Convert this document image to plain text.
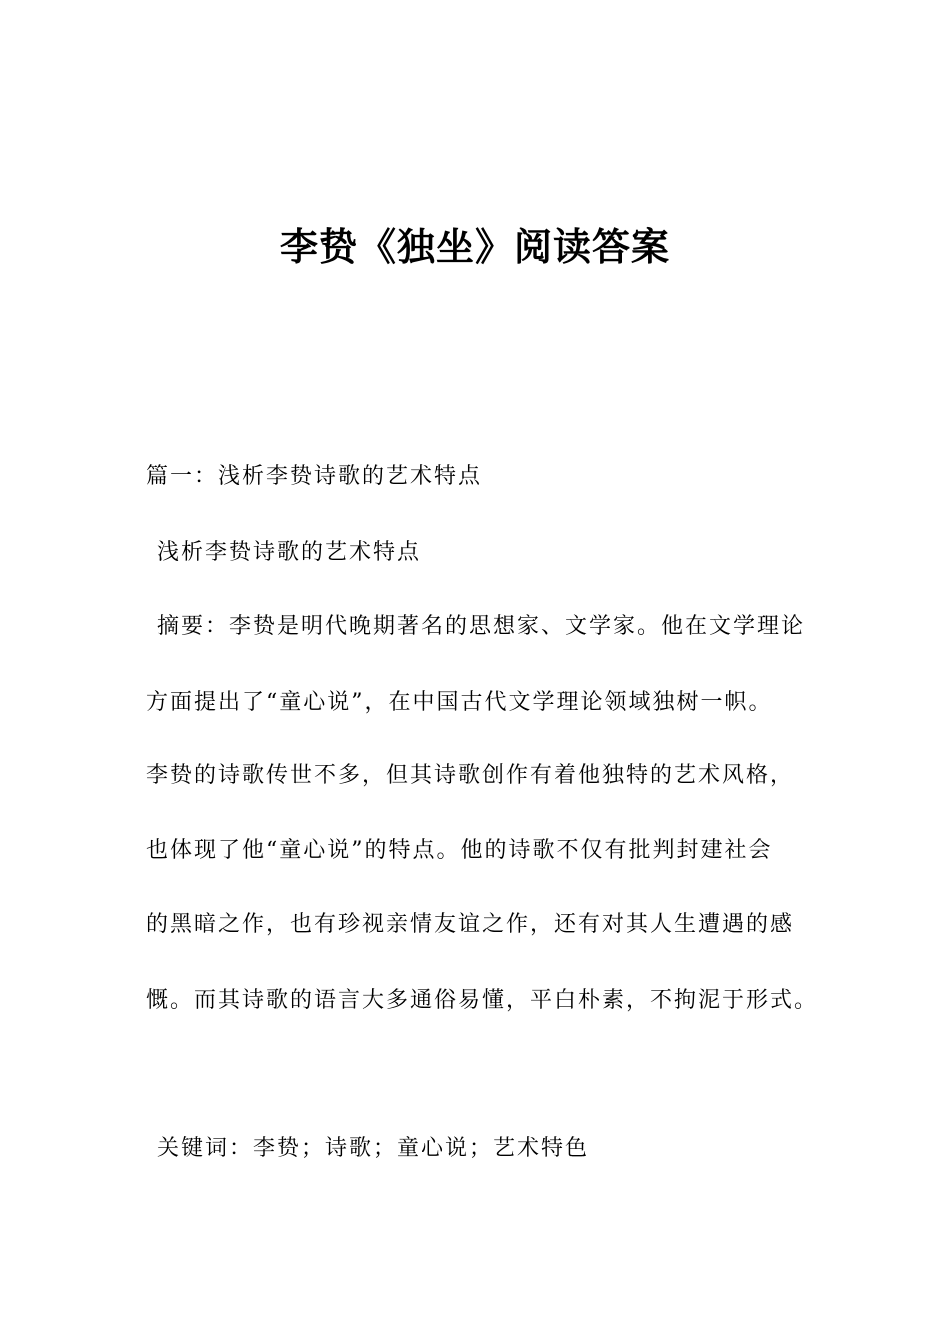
李贽《独坐》阅读答案
篇一：浅析李贽诗歌的艺术特点
浅析李贽诗歌的艺术特点
摘要：李贽是明代晚期著名的思想家、文学家。他在文学理论
方面提出了“童心说”，在中国古代文学理论领域独树一帜。
李贽的诗歌传世不多，但其诗歌创作有着他独特的艺术风格，
也体现了他“童心说”的特点。他的诗歌不仅有批判封建社会
的黑暗之作，也有珍视亲情友谊之作，还有对其人生遭遇的感
慨。而其诗歌的语言大多通俗易懂，平白朴素，不拘泥于形式。
关键词：李贽；诗歌；童心说；艺术特色
